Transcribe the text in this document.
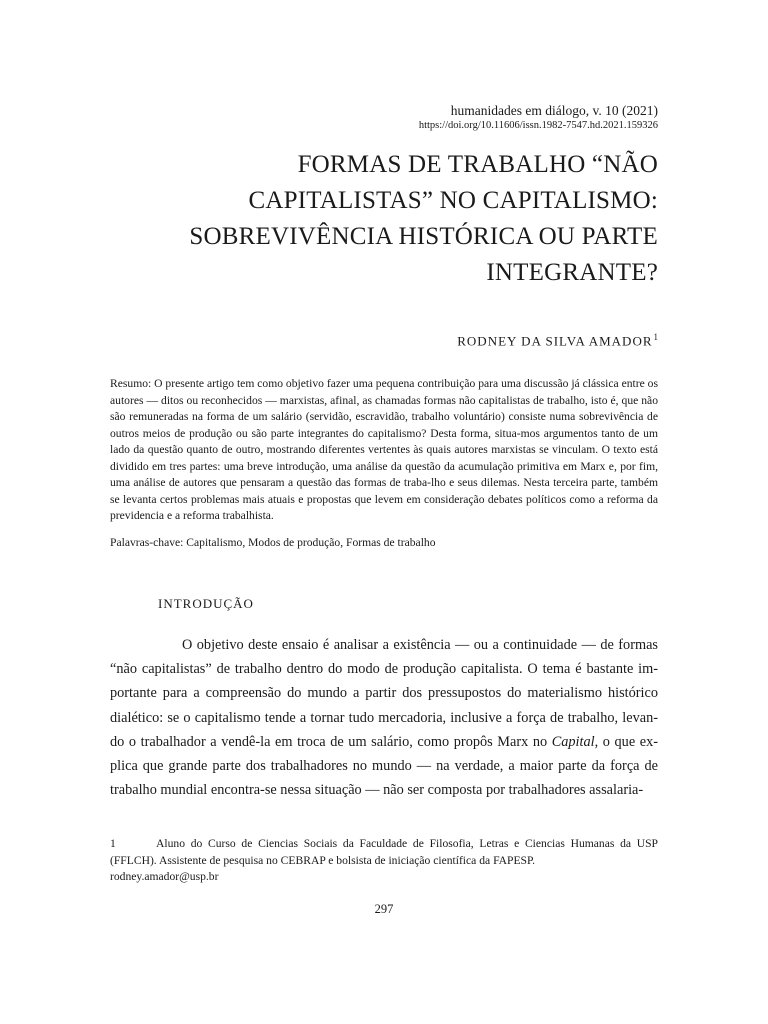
humanidades em diálogo, v. 10 (2021)
https://doi.org/10.11606/issn.1982-7547.hd.2021.159326
FORMAS DE TRABALHO “NÃO
CAPITALISTAS” NO CAPITALISMO:
SOBREVIVÊNCIA HISTÓRICA OU PARTE
INTEGRANTE?
RODNEY DA SILVA AMADOR$^1$

Resumo: O presente artigo tem como objetivo fazer uma pequena contribuição para uma discussão já clássica entre os autores — ditos ou reconhecidos — marxistas, afinal, as chamadas formas não capitalistas de trabalho, isto é, que não são remuneradas na forma de um salário (servidão, escravidão, trabalho voluntário) consiste numa sobrevivência de outros meios de produção ou são parte integrantes do capitalismo? Desta forma, situa-mos argumentos tanto de um lado da questão quanto de outro, mostrando diferentes vertentes às quais autores marxistas se vinculam. O texto está dividido em tres partes: uma breve introdução, uma análise da questão da acumulação primitiva em Marx e, por fim, uma análise de autores que pensaram a questão das formas de traba-lho e seus dilemas. Nesta terceira parte, também se levanta certos problemas mais atuais e propostas que levem em consideração debates políticos como a reforma da previdencia e a reforma trabalhista.

Palavras-chave: Capitalismo, Modos de produção, Formas de trabalho

INTRODUÇÃO

O objetivo deste ensaio é analisar a existência — ou a continuidade — de formas “não capitalistas” de trabalho dentro do modo de produção capitalista. O tema é bastante im-portante para a compreensão do mundo a partir dos pressupostos do materialismo histórico dialético: se o capitalismo tende a tornar tudo mercadoria, inclusive a força de trabalho, levan-do o trabalhador a vendê-la em troca de um salário, como propôs Marx no Capital, o que ex-plica que grande parte dos trabalhadores no mundo — na verdade, a maior parte da força de trabalho mundial encontra-se nessa situação — não ser composta por trabalhadores assalaria-

1	Aluno do Curso de Ciencias Sociais da Faculdade de Filosofia, Letras e Ciencias Humanas da USP (FFLCH). Assistente de pesquisa no CEBRAP e bolsista de iniciação científica da FAPESP.
rodney.amador@usp.br
297
